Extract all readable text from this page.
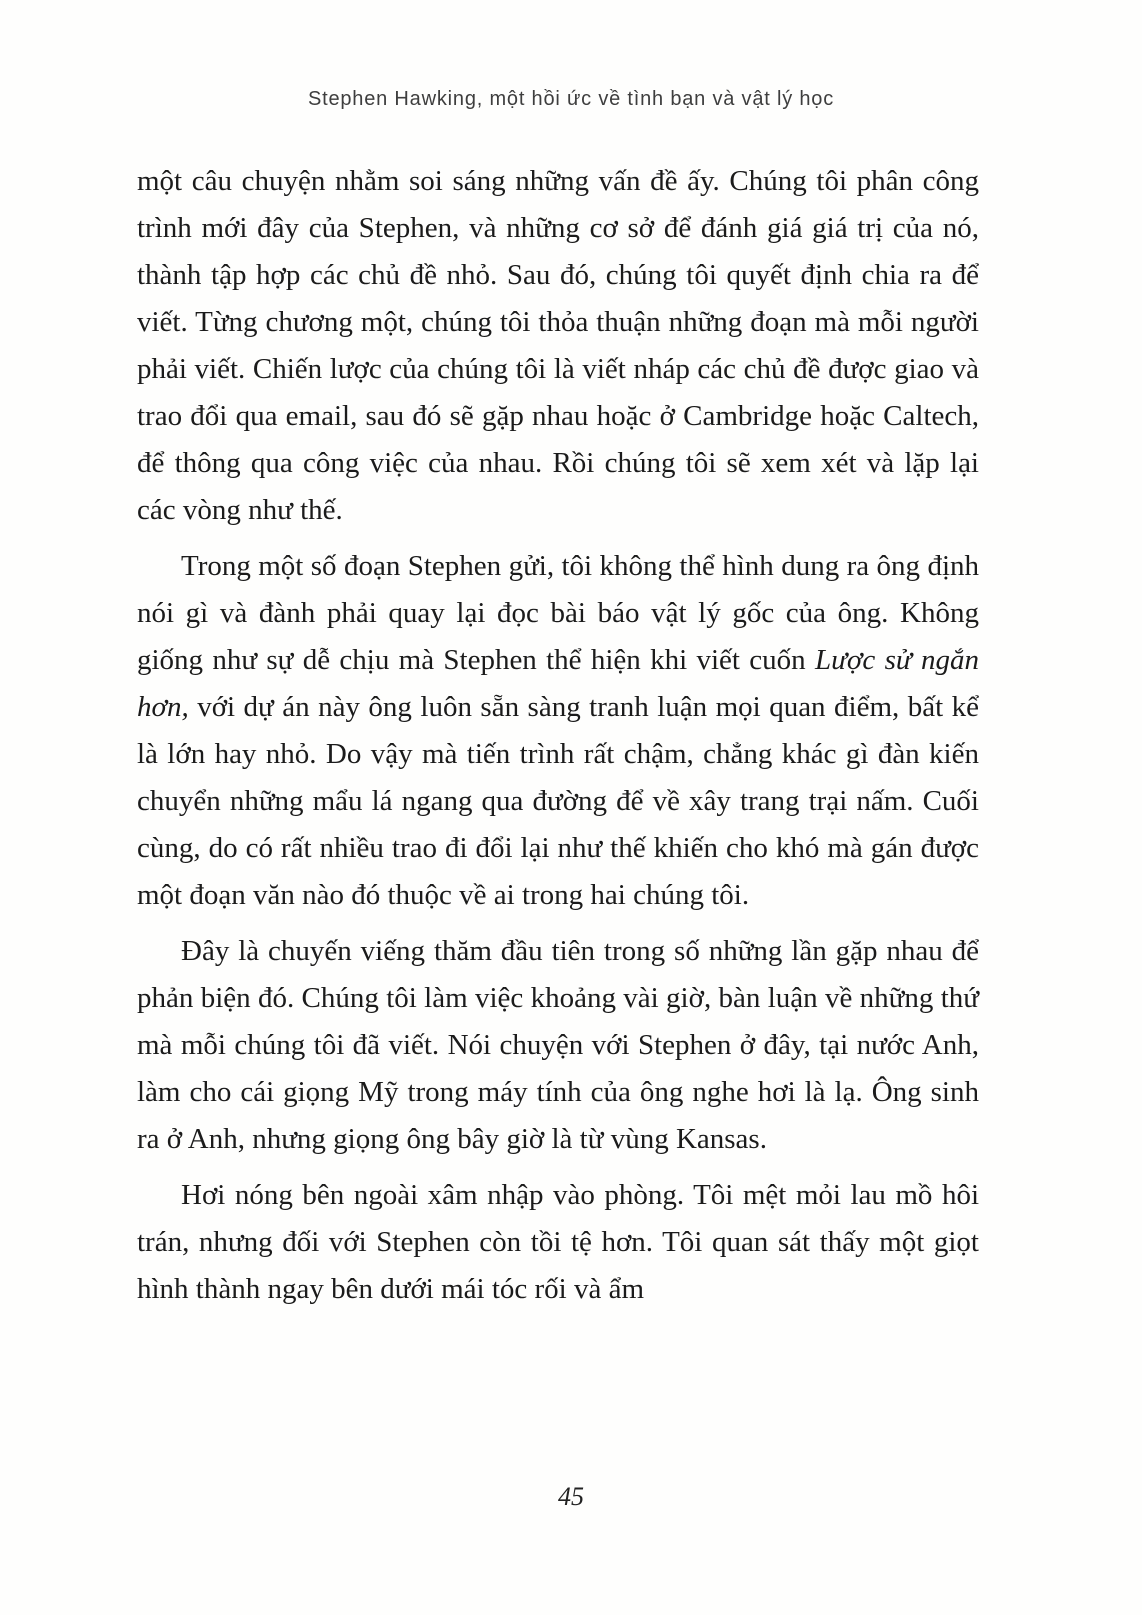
Stephen Hawking, một hồi ức về tình bạn và vật lý học

một câu chuyện nhằm soi sáng những vấn đề ấy. Chúng tôi phân công trình mới đây của Stephen, và những cơ sở để đánh giá giá trị của nó, thành tập hợp các chủ đề nhỏ. Sau đó, chúng tôi quyết định chia ra để viết. Từng chương một, chúng tôi thỏa thuận những đoạn mà mỗi người phải viết. Chiến lược của chúng tôi là viết nháp các chủ đề được giao và trao đổi qua email, sau đó sẽ gặp nhau hoặc ở Cambridge hoặc Caltech, để thông qua công việc của nhau. Rồi chúng tôi sẽ xem xét và lặp lại các vòng như thế.

Trong một số đoạn Stephen gửi, tôi không thể hình dung ra ông định nói gì và đành phải quay lại đọc bài báo vật lý gốc của ông. Không giống như sự dễ chịu mà Stephen thể hiện khi viết cuốn Lược sử ngắn hơn, với dự án này ông luôn sẵn sàng tranh luận mọi quan điểm, bất kể là lớn hay nhỏ. Do vậy mà tiến trình rất chậm, chẳng khác gì đàn kiến chuyển những mẩu lá ngang qua đường để về xây trang trại nấm. Cuối cùng, do có rất nhiều trao đi đổi lại như thế khiến cho khó mà gán được một đoạn văn nào đó thuộc về ai trong hai chúng tôi.

Đây là chuyến viếng thăm đầu tiên trong số những lần gặp nhau để phản biện đó. Chúng tôi làm việc khoảng vài giờ, bàn luận về những thứ mà mỗi chúng tôi đã viết. Nói chuyện với Stephen ở đây, tại nước Anh, làm cho cái giọng Mỹ trong máy tính của ông nghe hơi là lạ. Ông sinh ra ở Anh, nhưng giọng ông bây giờ là từ vùng Kansas.

Hơi nóng bên ngoài xâm nhập vào phòng. Tôi mệt mỏi lau mồ hôi trán, nhưng đối với Stephen còn tồi tệ hơn. Tôi quan sát thấy một giọt hình thành ngay bên dưới mái tóc rối và ẩm

45
